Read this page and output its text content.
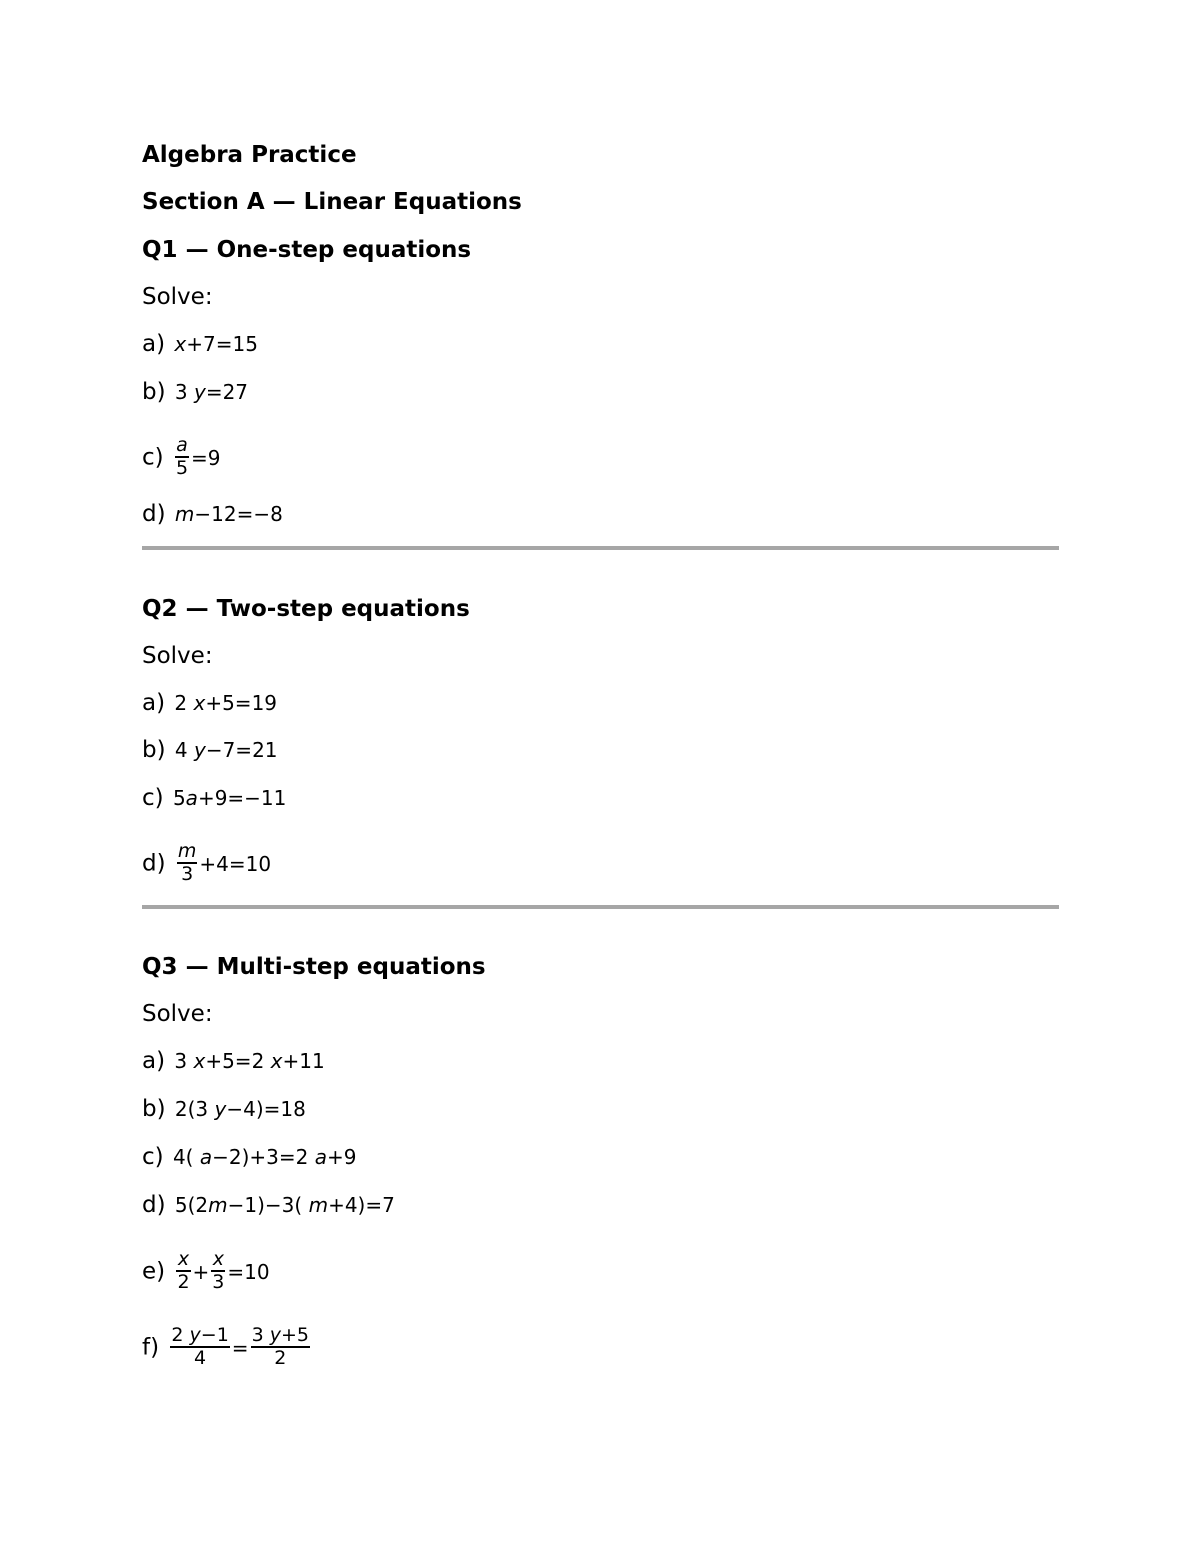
Algebra Practice
Section A — Linear Equations
Q1 — One-step equations
Solve:
a) x+7=15
b) 3 y=27
$c) \frac{a}{5} =9$
d) m−12=−8
Q2 — Two-step equations
Solve:
a) 2 x+5=19
b) 4 y−7=21
c) 5a+9=−11
$d) \frac{m}{3} +4=10$
Q3 — Multi-step equations
Solve:
a) 3 x+5=2 x+11
b) 2(3 y−4)=18
c) 4( a−2)+3=2 a+9
d) 5(2m−1)−3( m+4)=7
$e) \frac{x}{2} + \frac{x}{3} =10$
$f) \frac{2 y-1}{4} = \frac{3 y+5}{2}$
